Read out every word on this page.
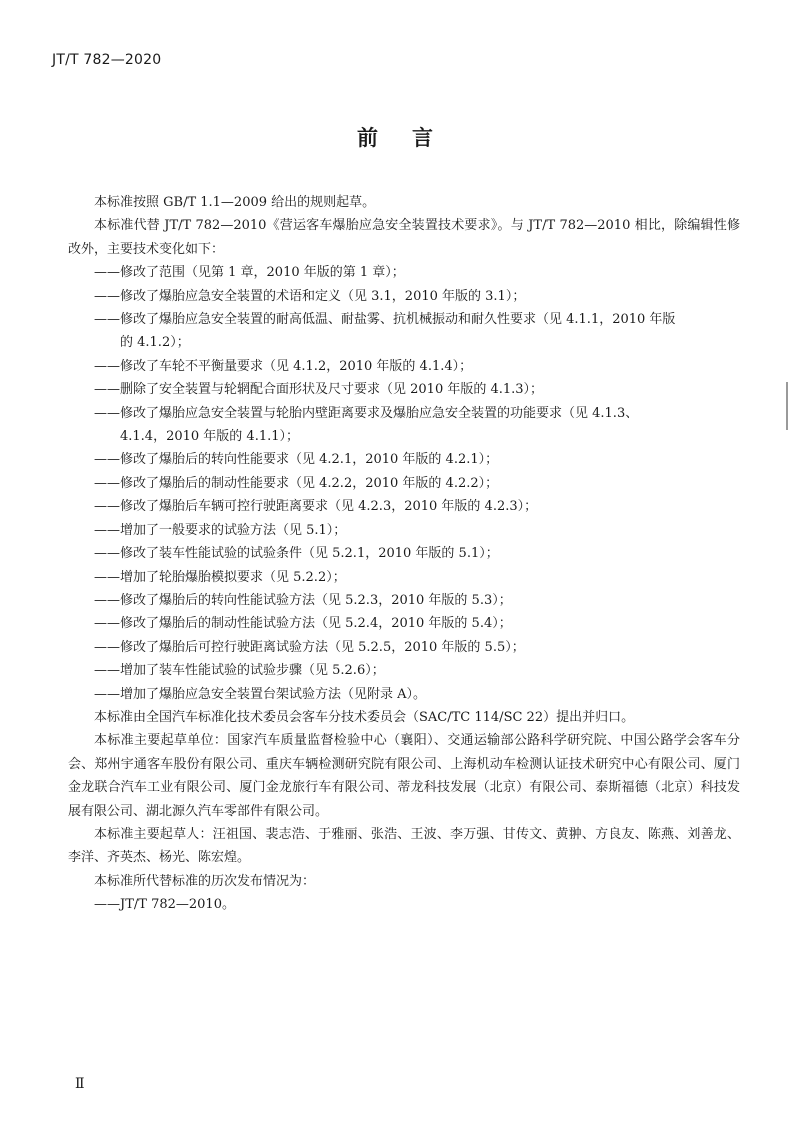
JT/T 782—2020
前言

本标准按照 GB/T 1.1—2009 给出的规则起草。

本标准代替 JT/T 782—2010《营运客车爆胎应急安全装置技术要求》。与 JT/T 782—2010 相比，除编辑性修改外，主要技术变化如下：

——修改了范围（见第 1 章，2010 年版的第 1 章）；

——修改了爆胎应急安全装置的术语和定义（见 3.1，2010 年版的 3.1）；

——修改了爆胎应急安全装置的耐高低温、耐盐雾、抗机械振动和耐久性要求（见 4.1.1，2010 年版
的 4.1.2）；

——修改了车轮不平衡量要求（见 4.1.2，2010 年版的 4.1.4）；

——删除了安全装置与轮辋配合面形状及尺寸要求（见 2010 年版的 4.1.3）；

——修改了爆胎应急安全装置与轮胎内壁距离要求及爆胎应急安全装置的功能要求（见 4.1.3、
4.1.4，2010 年版的 4.1.1）；

——修改了爆胎后的转向性能要求（见 4.2.1，2010 年版的 4.2.1）；

——修改了爆胎后的制动性能要求（见 4.2.2，2010 年版的 4.2.2）；

——修改了爆胎后车辆可控行驶距离要求（见 4.2.3，2010 年版的 4.2.3）；

——增加了一般要求的试验方法（见 5.1）；

——修改了装车性能试验的试验条件（见 5.2.1，2010 年版的 5.1）；

——增加了轮胎爆胎模拟要求（见 5.2.2）；

——修改了爆胎后的转向性能试验方法（见 5.2.3，2010 年版的 5.3）；

——修改了爆胎后的制动性能试验方法（见 5.2.4，2010 年版的 5.4）；

——修改了爆胎后可控行驶距离试验方法（见 5.2.5，2010 年版的 5.5）；

——增加了装车性能试验的试验步骤（见 5.2.6）；

——增加了爆胎应急安全装置台架试验方法（见附录 A）。

本标准由全国汽车标准化技术委员会客车分技术委员会（SAC/TC 114/SC 22）提出并归口。

本标准主要起草单位：国家汽车质量监督检验中心（襄阳）、交通运输部公路科学研究院、中国公路学会客车分会、郑州宇通客车股份有限公司、重庆车辆检测研究院有限公司、上海机动车检测认证技术研究中心有限公司、厦门金龙联合汽车工业有限公司、厦门金龙旅行车有限公司、蒂龙科技发展（北京）有限公司、泰斯福德（北京）科技发展有限公司、湖北源久汽车零部件有限公司。

本标准主要起草人：汪祖国、裴志浩、于雅丽、张浩、王波、李万强、甘传文、黄翀、方良友、陈燕、刘善龙、李洋、齐英杰、杨光、陈宏煌。

本标准所代替标准的历次发布情况为：

——JT/T 782—2010。

Ⅱ
